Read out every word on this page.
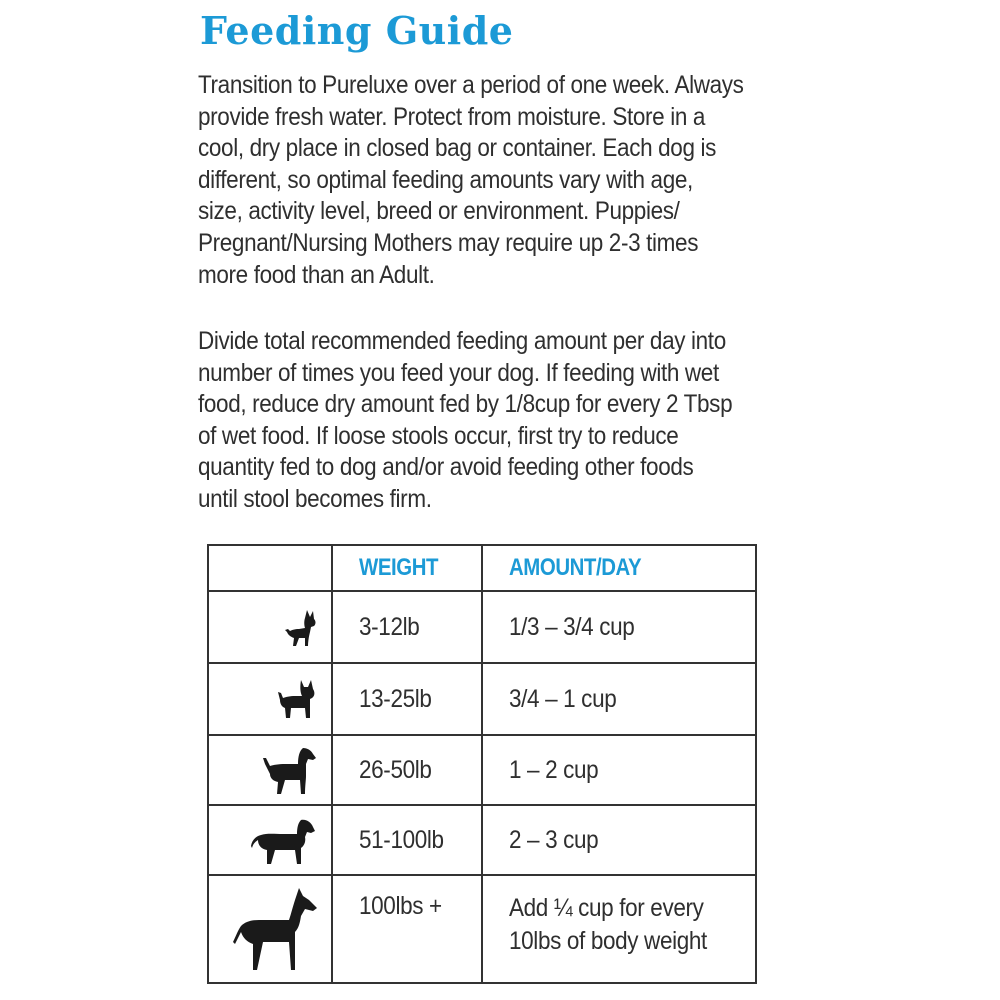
Feeding Guide

Transition to Pureluxe over a period of one week. Always
provide fresh water. Protect from moisture. Store in a
cool, dry place in closed bag or container. Each dog is
different, so optimal feeding amounts vary with age,
size, activity level, breed or environment. Puppies/
Pregnant/Nursing Mothers may require up 2-3 times
more food than an Adult.

Divide total recommended feeding amount per day into
number of times you feed your dog. If feeding with wet
food, reduce dry amount fed by 1/8cup for every 2 Tbsp
of wet food. If loose stools occur, first try to reduce
quantity fed to dog and/or avoid feeding other foods
until stool becomes firm.

	WEIGHT	AMOUNT/DAY

	3-12lb	1/3 – 3/4 cup

	13-25lb	3/4 – 1 cup

	26-50lb	1 – 2 cup

	51-100lb	2 – 3 cup

	100lbs +	Add ¼ cup for every
10lbs of body weight
